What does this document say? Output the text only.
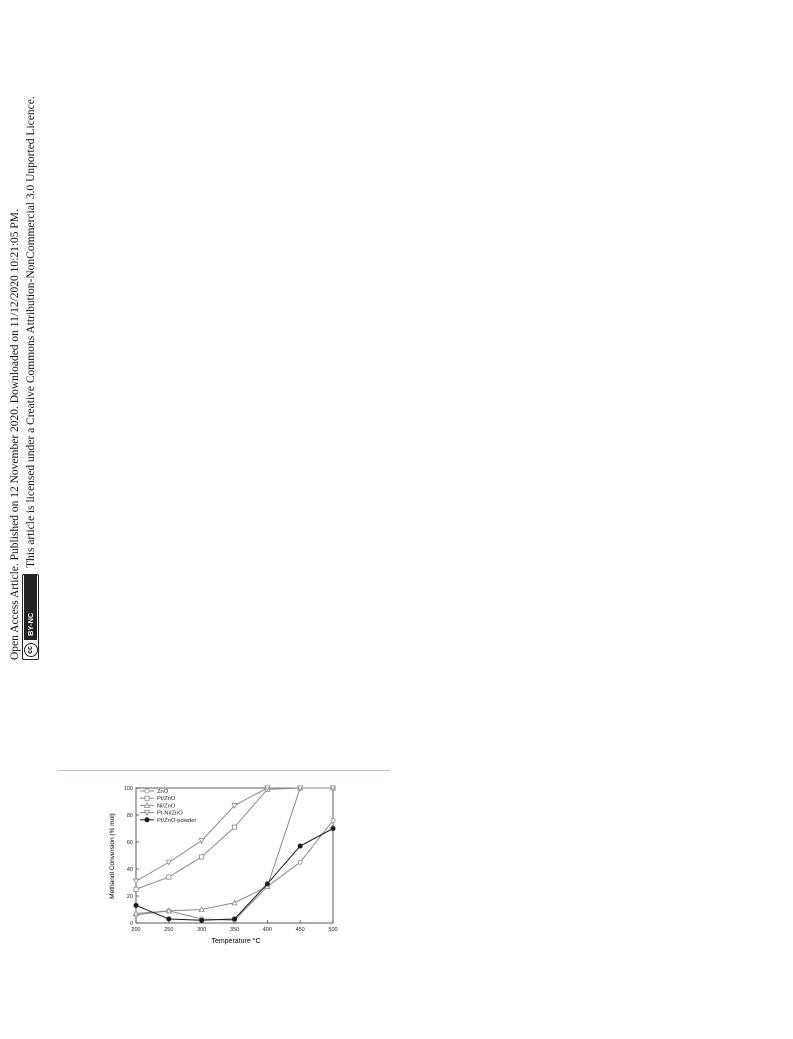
Open Access Article. Published on 12 November 2020. Downloaded on 11/12/2020 10:21:05 PM. cc
BY-NC
This article is licensed under a Creative Commons Attribution-NonCommercial 3.0 Unported Licence.
200	250	300	350	400	450	500
0
20
40
60
80
100	ZnO
Pt/ZnO
Ni/ZnO
Pt-Ni/ZnO
Pt/ZnO-powder
Temperature °C
Methanol Conversion (% mol)
